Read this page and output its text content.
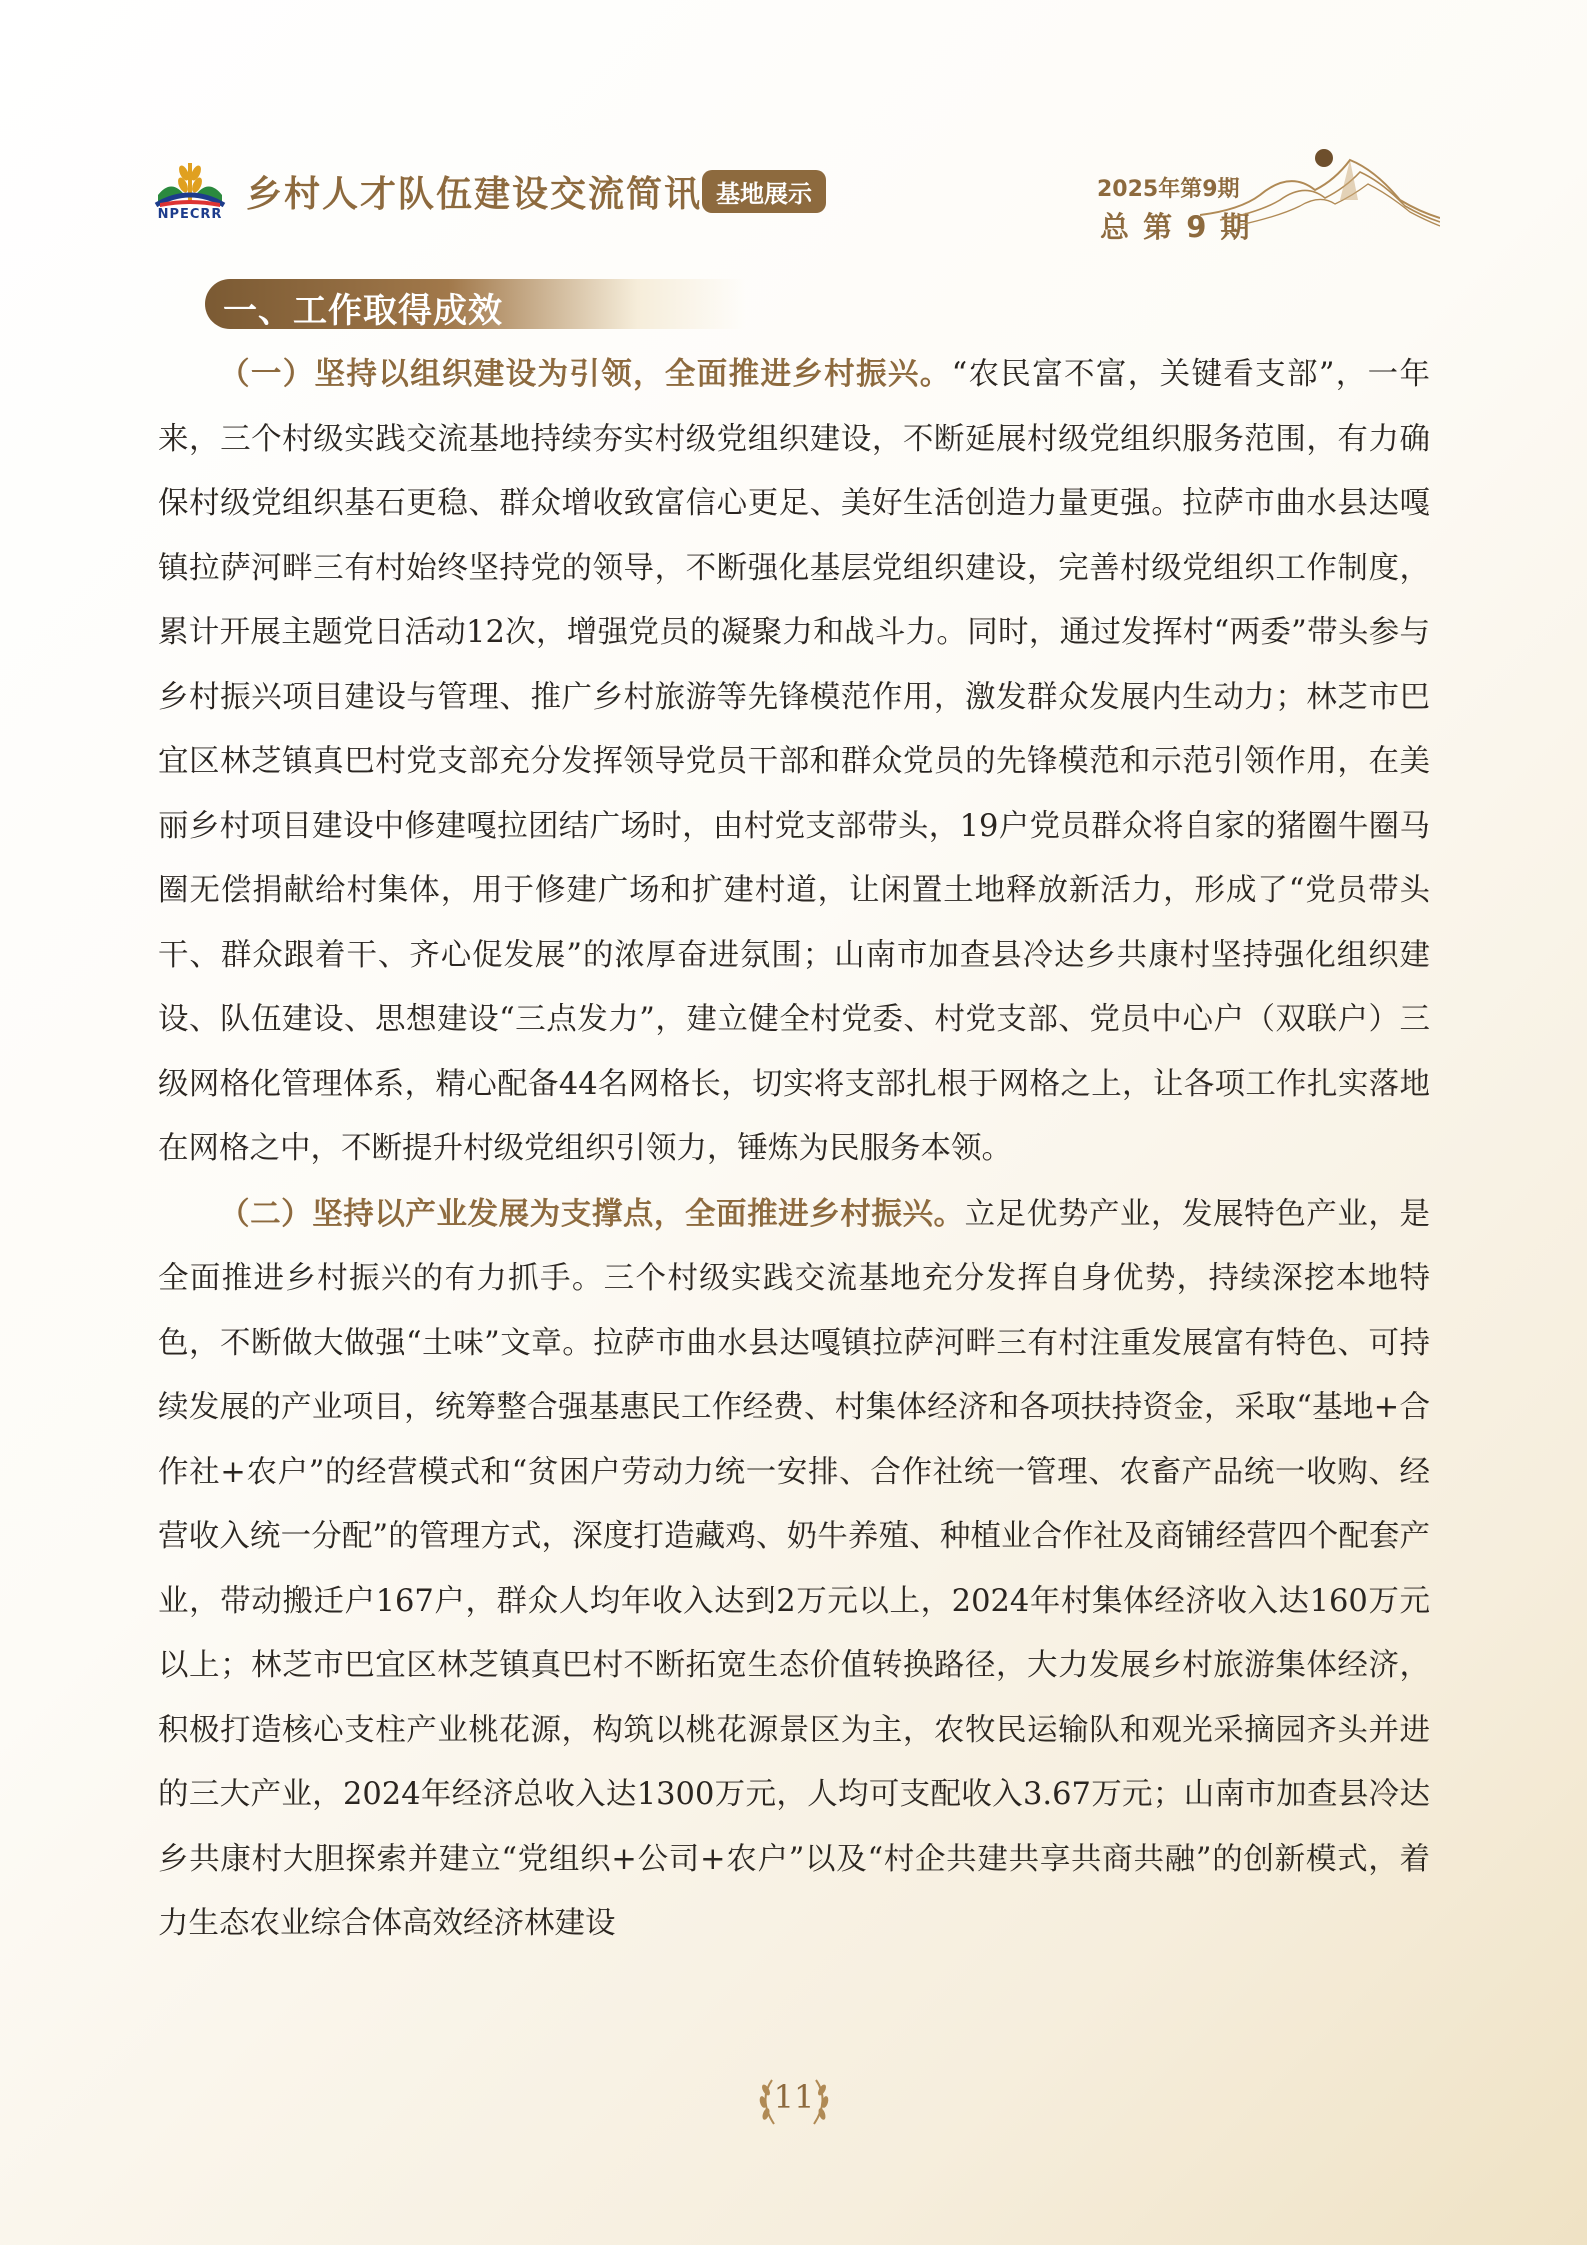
NPECRR 乡村人才队伍建设交流简讯 基地展示	2025年第9期
总 第 9 期
一、工作取得成效

（一）坚持以组织建设为引领，全面推进乡村振兴。“农民富不富，关键看支部”，一年来，三个村级实践交流基地持续夯实村级党组织建设，不断延展村级党组织服务范围，有力确保村级党组织基石更稳、群众增收致富信心更足、美好生活创造力量更强。拉萨市曲水县达嘎镇拉萨河畔三有村始终坚持党的领导，不断强化基层党组织建设，完善村级党组织工作制度，累计开展主题党日活动12次，增强党员的凝聚力和战斗力。同时，通过发挥村“两委”带头参与乡村振兴项目建设与管理、推广乡村旅游等先锋模范作用，激发群众发展内生动力；林芝市巴宜区林芝镇真巴村党支部充分发挥领导党员干部和群众党员的先锋模范和示范引领作用，在美丽乡村项目建设中修建嘎拉团结广场时，由村党支部带头，19户党员群众将自家的猪圈牛圈马圈无偿捐献给村集体，用于修建广场和扩建村道，让闲置土地释放新活力，形成了“党员带头干、群众跟着干、齐心促发展”的浓厚奋进氛围；山南市加查县冷达乡共康村坚持强化组织建设、队伍建设、思想建设“三点发力”，建立健全村党委、村党支部、党员中心户（双联户）三级网格化管理体系，精心配备44名网格长，切实将支部扎根于网格之上，让各项工作扎实落地在网格之中，不断提升村级党组织引领力，锤炼为民服务本领。

（二）坚持以产业发展为支撑点，全面推进乡村振兴。立足优势产业，发展特色产业，是全面推进乡村振兴的有力抓手。三个村级实践交流基地充分发挥自身优势，持续深挖本地特色，不断做大做强“土味”文章。拉萨市曲水县达嘎镇拉萨河畔三有村注重发展富有特色、可持续发展的产业项目，统筹整合强基惠民工作经费、村集体经济和各项扶持资金，采取“基地+合作社+农户”的经营模式和“贫困户劳动力统一安排、合作社统一管理、农畜产品统一收购、经营收入统一分配”的管理方式，深度打造藏鸡、奶牛养殖、种植业合作社及商铺经营四个配套产业，带动搬迁户167户，群众人均年收入达到2万元以上，2024年村集体经济收入达160万元以上；林芝市巴宜区林芝镇真巴村不断拓宽生态价值转换路径，大力发展乡村旅游集体经济，积极打造核心支柱产业桃花源，构筑以桃花源景区为主，农牧民运输队和观光采摘园齐头并进的三大产业，2024年经济总收入达1300万元，人均可支配收入3.67万元；山南市加查县冷达乡共康村大胆探索并建立“党组织+公司+农户”以及“村企共建共享共商共融”的创新模式，着力生态农业综合体高效经济林建设

11
